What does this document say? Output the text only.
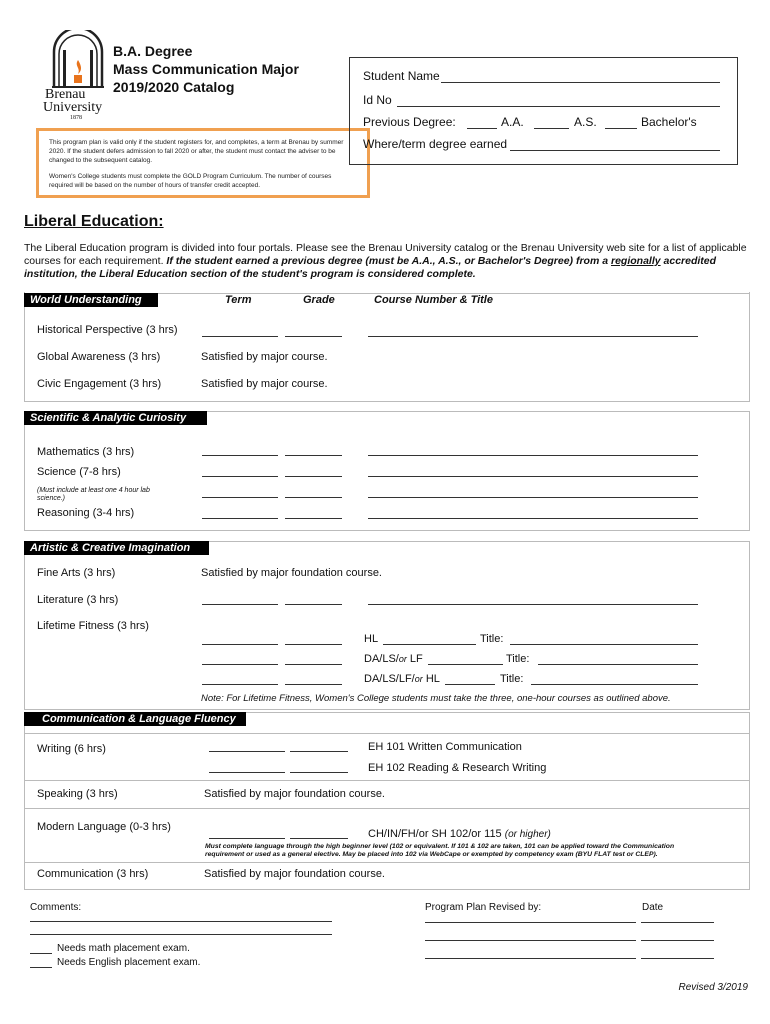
Brenau
University
1878
B.A. Degree
Mass Communication Major
2019/2020 Catalog

This program plan is valid only if the student registers for, and completes, a term at Brenau by summer 2020. If the student defers admission to fall 2020 or after, the student must contact the adviser to be changed to the subsequent catalog.

Women's College students must complete the GOLD Program Curriculum. The number of courses required will be based on the number of hours of transfer credit accepted.

Student Name
Id No
Previous Degree:	A.A.	A.S.	Bachelor's
Where/term degree earned
Liberal Education:
The Liberal Education program is divided into four portals. Please see the Brenau University catalog or the Brenau University web site for a list of applicable courses for each requirement. If the student earned a previous degree (must be A.A., A.S., or Bachelor's Degree) from a regionally accredited institution, the Liberal Education section of the student's program is considered complete.
World Understanding	Term	Grade	Course Number & Title
Historical Perspective (3 hrs)
Global Awareness (3 hrs)	Satisfied by major course.
Civic Engagement (3 hrs)	Satisfied by major course.
Scientific & Analytic Curiosity
Mathematics (3 hrs)
Science (7-8 hrs)
(Must include at least one 4 hour lab science.)
Reasoning (3-4 hrs)
Artistic & Creative Imagination
Fine Arts (3 hrs)	Satisfied by major foundation course.
Literature (3 hrs)
Lifetime Fitness (3 hrs)
HL	Title:
DA/LS/or LF	Title:
DA/LS/LF/or HL	Title:
Note: For Lifetime Fitness, Women's College students must take the three, one-hour courses as outlined above.
Communication & Language Fluency
Writing (6 hrs)	EH 101 Written Communication
EH 102 Reading & Research Writing
Speaking (3 hrs)	Satisfied by major foundation course.
Modern Language (0-3 hrs)
CH/IN/FH/or SH 102/or 115 (or higher)
Must complete language through the high beginner level (102 or equivalent. If 101 & 102 are taken, 101 can be applied toward the Communication
requirement or used as a general elective. May be placed into 102 via WebCape or exempted by competency exam (BYU FLAT test or CLEP).
Communication (3 hrs)	Satisfied by major foundation course.
Comments:
Needs math placement exam.
Needs English placement exam.
Program Plan Revised by:	Date
Revised 3/2019
